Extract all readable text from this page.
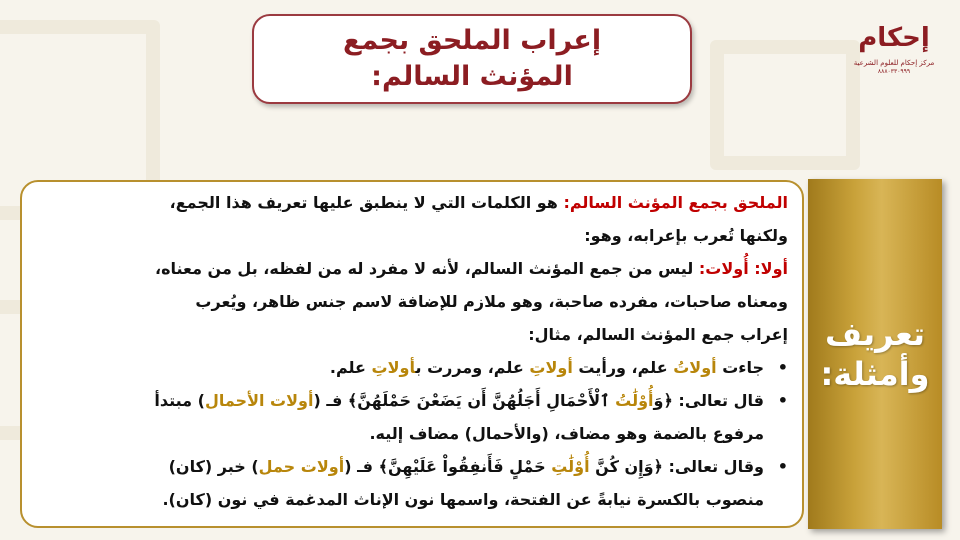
إحكام
مركز إحكام للعلوم الشرعية
٨٨٨٠٣٣٠٩٩٩
إعراب الملحق بجمع
المؤنث السالم:
تعريف
وأمثلة:

الملحق بجمع المؤنث السالم: هو الكلمات التي لا ينطبق عليها تعريف هذا الجمع،

ولكنها تُعرب بإعرابه، وهو:

أولا: أُولات: ليس من جمع المؤنث السالم، لأنه لا مفرد له من لفظه، بل من معناه،

ومعناه صاحبات، مفرده صاحبة، وهو ملازم للإضافة لاسم جنس ظاهر، ويُعرب

إعراب جمع المؤنث السالم، مثال:

• جاءت أولاتُ علم، ورأيت أولاتِ علم، ومررت بأولاتِ علم.

• قال تعالى: ﴿وَأُوْلَٰتُ ٱلْأَحْمَالِ أَجَلُهُنَّ أَن يَضَعْنَ حَمْلَهُنَّ﴾ فـ (أولات الأحمال) مبتدأ

مرفوع بالضمة وهو مضاف، (والأحمال) مضاف إليه.

• وقال تعالى: ﴿وَإِن كُنَّ أُوْلَٰتِ حَمْلٍ فَأَنفِقُواْ عَلَيْهِنَّ﴾ فـ (أولات حمل) خبر (كان)

منصوب بالكسرة نيابةً عن الفتحة، واسمها نون الإناث المدغمة في نون (كان).
